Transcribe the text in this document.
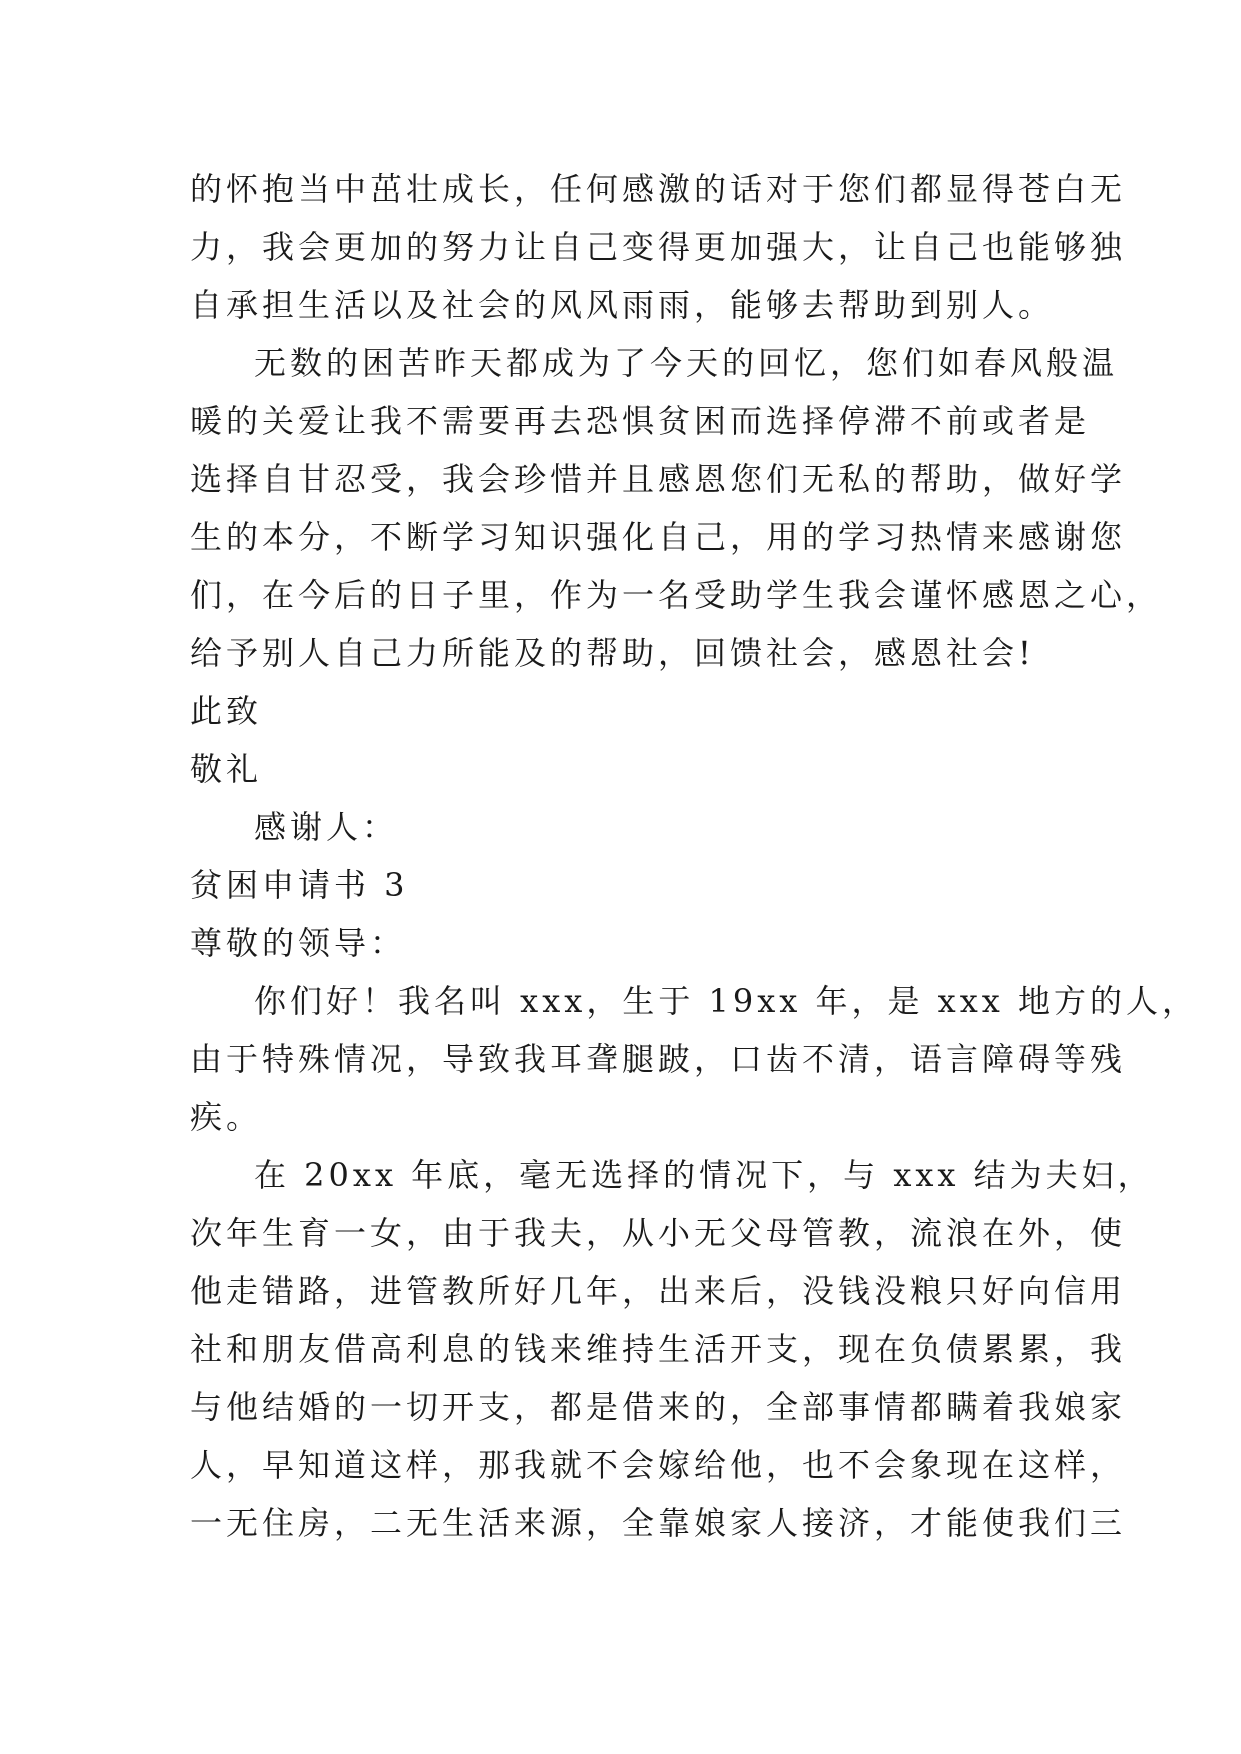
的怀抱当中茁壮成长，任何感激的话对于您们都显得苍白无
力，我会更加的努力让自己变得更加强大，让自己也能够独
自承担生活以及社会的风风雨雨，能够去帮助到别人。
无数的困苦昨天都成为了今天的回忆，您们如春风般温
暖的关爱让我不需要再去恐惧贫困而选择停滞不前或者是
选择自甘忍受，我会珍惜并且感恩您们无私的帮助，做好学
生的本分，不断学习知识强化自己，用的学习热情来感谢您
们，在今后的日子里，作为一名受助学生我会谨怀感恩之心，
给予别人自己力所能及的帮助，回馈社会，感恩社会!
此致
敬礼
感谢人：
贫困申请书 3
尊敬的领导：
你们好！我名叫 xxx，生于 19xx 年，是 xxx 地方的人，
由于特殊情况，导致我耳聋腿跛，口齿不清，语言障碍等残
疾。
在 20xx 年底，毫无选择的情况下，与 xxx 结为夫妇，
次年生育一女，由于我夫，从小无父母管教，流浪在外，使
他走错路，进管教所好几年，出来后，没钱没粮只好向信用
社和朋友借高利息的钱来维持生活开支，现在负债累累，我
与他结婚的一切开支，都是借来的，全部事情都瞒着我娘家
人，早知道这样，那我就不会嫁给他，也不会象现在这样，
一无住房，二无生活来源，全靠娘家人接济，才能使我们三
